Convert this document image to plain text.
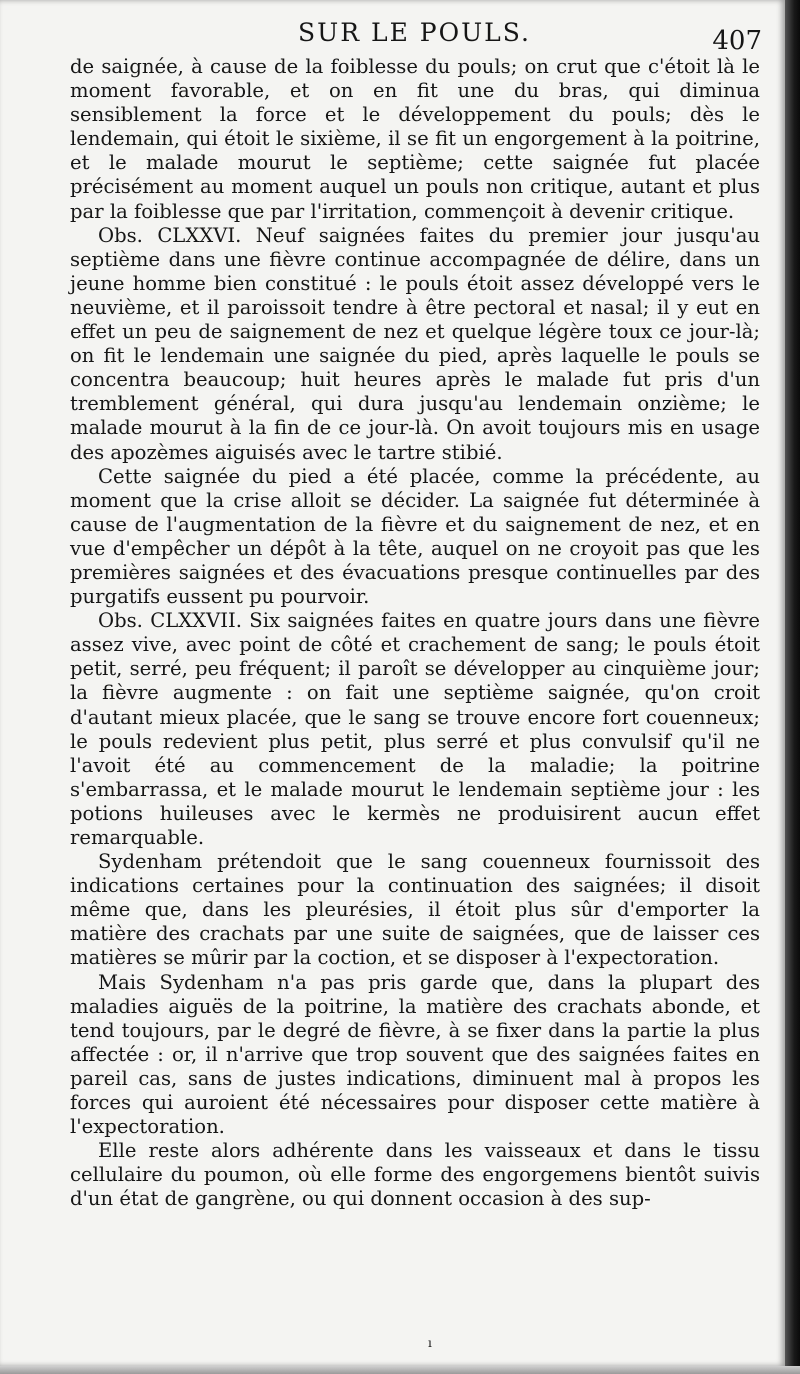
SUR LE POULS.	407

de saignée, à cause de la foiblesse du pouls; on crut que c'étoit là le moment favorable, et on en fit une du bras, qui diminua sensiblement la force et le développement du pouls; dès le lendemain, qui étoit le sixième, il se fit un engorgement à la poitrine, et le malade mourut le septième; cette saignée fut placée précisément au moment auquel un pouls non critique, autant et plus par la foiblesse que par l'irritation, commençoit à devenir critique.

Obs. CLXXVI. Neuf saignées faites du premier jour jusqu'au septième dans une fièvre continue accompagnée de délire, dans un jeune homme bien constitué : le pouls étoit assez développé vers le neuvième, et il paroissoit tendre à être pectoral et nasal; il y eut en effet un peu de saignement de nez et quelque légère toux ce jour-là; on fit le lendemain une saignée du pied, après laquelle le pouls se concentra beaucoup; huit heures après le malade fut pris d'un tremblement général, qui dura jusqu'au lendemain onzième; le malade mourut à la fin de ce jour-là. On avoit toujours mis en usage des apozèmes aiguisés avec le tartre stibié.

Cette saignée du pied a été placée, comme la précédente, au moment que la crise alloit se décider. La saignée fut déterminée à cause de l'augmentation de la fièvre et du saignement de nez, et en vue d'empêcher un dépôt à la tête, auquel on ne croyoit pas que les premières saignées et des évacuations presque continuelles par des purgatifs eussent pu pourvoir.

Obs. CLXXVII. Six saignées faites en quatre jours dans une fièvre assez vive, avec point de côté et crachement de sang; le pouls étoit petit, serré, peu fréquent; il paroît se développer au cinquième jour; la fièvre augmente : on fait une septième saignée, qu'on croit d'autant mieux placée, que le sang se trouve encore fort couenneux; le pouls redevient plus petit, plus serré et plus convulsif qu'il ne l'avoit été au commencement de la maladie; la poitrine s'embarrassa, et le malade mourut le lendemain septième jour : les potions huileuses avec le kermès ne produisirent aucun effet remarquable.

Sydenham prétendoit que le sang couenneux fournissoit des indications certaines pour la continuation des saignées; il disoit même que, dans les pleurésies, il étoit plus sûr d'emporter la matière des crachats par une suite de saignées, que de laisser ces matières se mûrir par la coction, et se disposer à l'expectoration.

Mais Sydenham n'a pas pris garde que, dans la plupart des maladies aiguës de la poitrine, la matière des crachats abonde, et tend toujours, par le degré de fièvre, à se fixer dans la partie la plus affectée : or, il n'arrive que trop souvent que des saignées faites en pareil cas, sans de justes indications, diminuent mal à propos les forces qui auroient été nécessaires pour disposer cette matière à l'expectoration.

Elle reste alors adhérente dans les vaisseaux et dans le tissu cellulaire du poumon, où elle forme des engorgemens bientôt suivis d'un état de gangrène, ou qui donnent occasion à des sup-

ı
